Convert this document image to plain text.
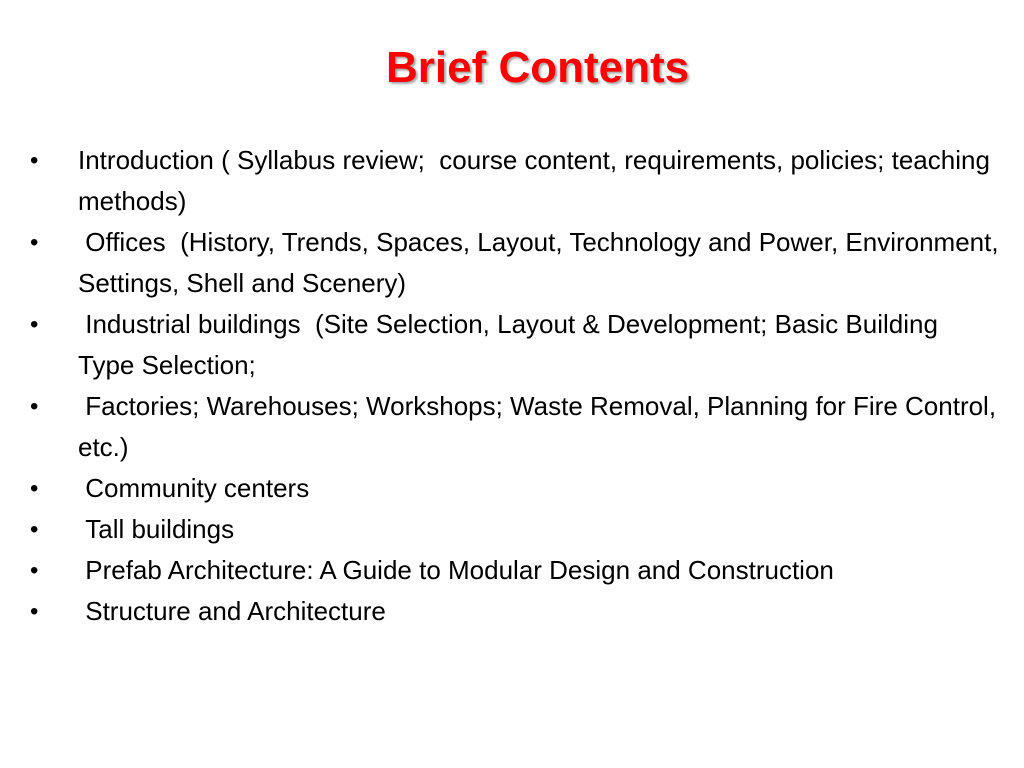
Brief Contents
•	Introduction ( Syllabus review;  course content, requirements, policies; teaching methods)
•	Offices  (History, Trends, Spaces, Layout, Technology and Power, Environment, Settings, Shell and Scenery)
•	Industrial buildings  (Site Selection, Layout & Development; Basic Building Type Selection;
•	Factories; Warehouses; Workshops; Waste Removal, Planning for Fire Control, etc.)
•	Community centers
•	Tall buildings
•	Prefab Architecture: A Guide to Modular Design and Construction
•	Structure and Architecture
